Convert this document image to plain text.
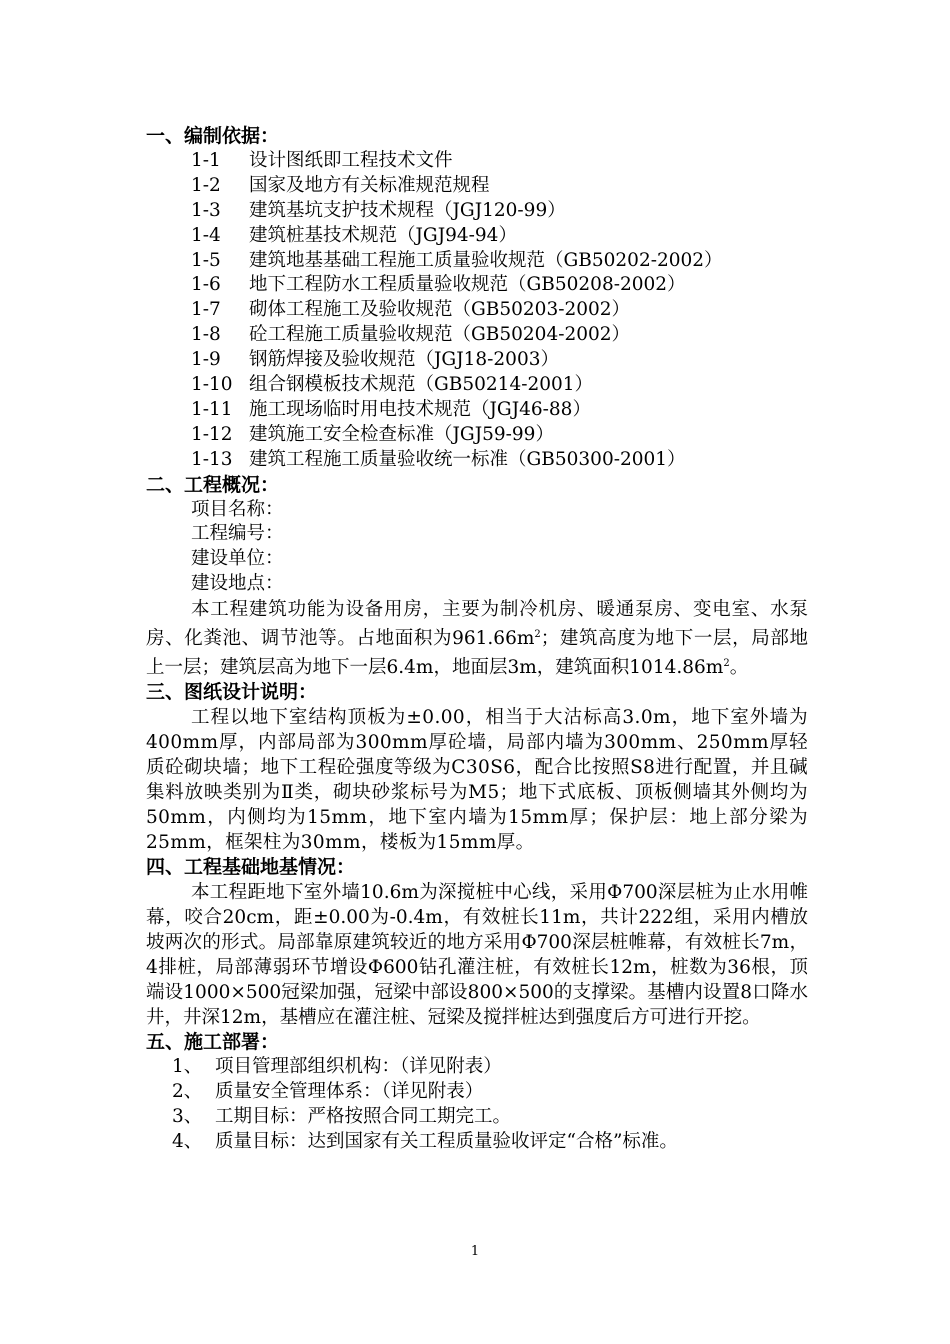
一、编制依据：
1-1	设计图纸即工程技术文件
1-2	国家及地方有关标准规范规程
1-3	建筑基坑支护技术规程（JGJ120-99）
1-4	建筑桩基技术规范（JGJ94-94）
1-5	建筑地基基础工程施工质量验收规范（GB50202-2002）
1-6	地下工程防水工程质量验收规范（GB50208-2002）
1-7	砌体工程施工及验收规范（GB50203-2002）
1-8	砼工程施工质量验收规范（GB50204-2002）
1-9	钢筋焊接及验收规范（JGJ18-2003）
1-10 组合钢模板技术规范（GB50214-2001）
1-11 施工现场临时用电技术规范（JGJ46-88）
1-12 建筑施工安全检查标准（JGJ59-99）
1-13 建筑工程施工质量验收统一标准（GB50300-2001）
二、工程概况：
项目名称：
工程编号：
建设单位：
建设地点：

本工程建筑功能为设备用房，主要为制冷机房、暖通泵房、变电室、水泵房、化粪池、调节池等。占地面积为$961.66m^2$；建筑高度为地下一层，局部地上一层；建筑层高为地下一层6.4m，地面层3m，建筑面积$1014.86m^2$。

三、图纸设计说明：

工程以地下室结构顶板为±0.00，相当于大沽标高3.0m，地下室外墙为400mm厚，内部局部为300mm厚砼墙，局部内墙为300mm、250mm厚轻质砼砌块墙；地下工程砼强度等级为C30S6，配合比按照S8进行配置，并且碱集料放映类别为Ⅱ类，砌块砂浆标号为M5；地下式底板、顶板侧墙其外侧均为50mm，内侧均为15mm，地下室内墙为15mm厚；保护层：地上部分梁为25mm，框架柱为30mm，楼板为15mm厚。

四、工程基础地基情况：

本工程距地下室外墙10.6m为深搅桩中心线，采用Φ700深层桩为止水用帷幕，咬合20cm，距±0.00为-0.4m，有效桩长11m，共计222组，采用内槽放坡两次的形式。局部靠原建筑较近的地方采用Φ700深层桩帷幕，有效桩长7m，4排桩，局部薄弱环节增设Φ600钻孔灌注桩，有效桩长12m，桩数为36根，顶端设1000×500冠梁加强，冠梁中部设800×500的支撑梁。基槽内设置8口降水井，井深12m，基槽应在灌注桩、冠梁及搅拌桩达到强度后方可进行开挖。

五、施工部署：
1、 项目管理部组织机构：（详见附表）
2、 质量安全管理体系：（详见附表）
3、 工期目标：严格按照合同工期完工。
4、 质量目标：达到国家有关工程质量验收评定“合格”标准。
1
